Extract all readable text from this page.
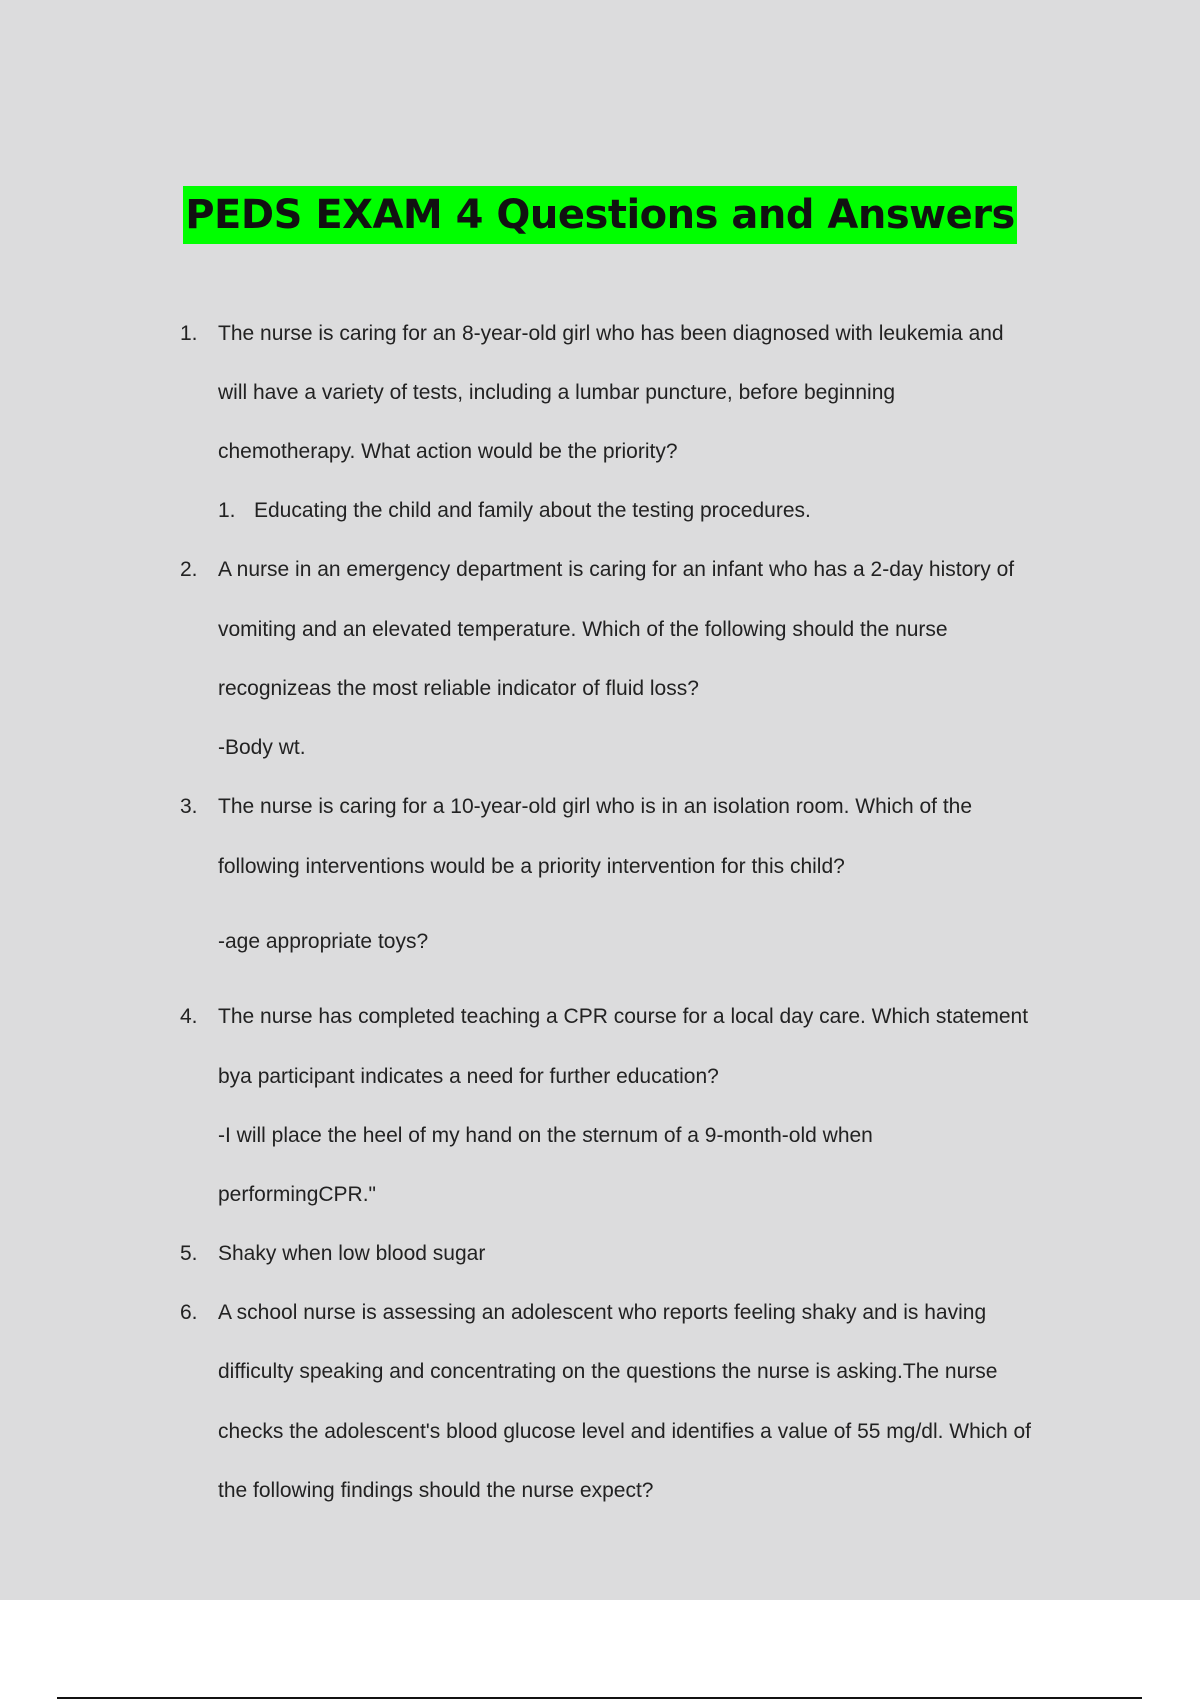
PEDS EXAM 4 Questions and Answers
1. The nurse is caring for an 8-year-old girl who has been diagnosed with leukemia and
will have a variety of tests, including a lumbar puncture, before beginning
chemotherapy. What action would be the priority?
1. Educating the child and family about the testing procedures.
2. A nurse in an emergency department is caring for an infant who has a 2-day history of
vomiting and an elevated temperature. Which of the following should the nurse
recognizeas the most reliable indicator of fluid loss?
-Body wt.
3. The nurse is caring for a 10-year-old girl who is in an isolation room. Which of the
following interventions would be a priority intervention for this child?
-age appropriate toys?
4. The nurse has completed teaching a CPR course for a local day care. Which statement
bya participant indicates a need for further education?
-I will place the heel of my hand on the sternum of a 9-month-old when
performingCPR."
5. Shaky when low blood sugar
6. A school nurse is assessing an adolescent who reports feeling shaky and is having
difficulty speaking and concentrating on the questions the nurse is asking.The nurse
checks the adolescent's blood glucose level and identifies a value of 55 mg/dl. Which of
the following findings should the nurse expect?
